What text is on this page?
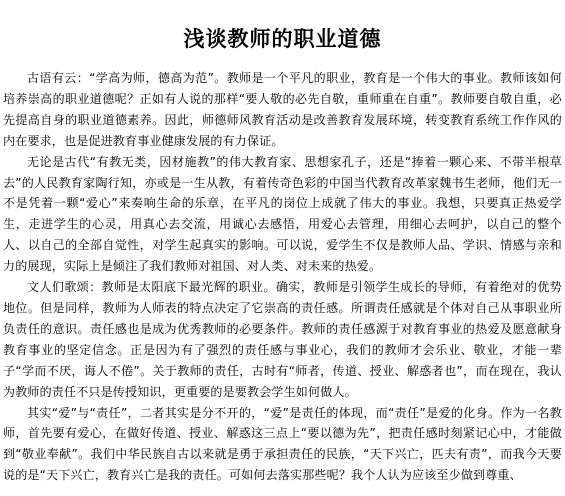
浅谈教师的职业道德

古语有云：“学高为师，德高为范”。教师是一个平凡的职业，教育是一个伟大的事业。教师该如何培养崇高的职业道德呢？正如有人说的那样“要人敬的必先自敬，重师重在自重”。教师要自敬自重，必先提高自身的职业道德素养。因此，师德师风教育活动是改善教育发展环境，转变教育系统工作作风的内在要求，也是促进教育事业健康发展的有力保证。

无论是古代“有教无类，因材施教”的伟大教育家、思想家孔子，还是“捧着一颗心来、不带半根草去”的人民教育家陶行知，亦或是一生从教，有着传奇色彩的中国当代教育改革家魏书生老师，他们无一不是凭着一颗“爱心”来奏响生命的乐章，在平凡的岗位上成就了伟大的事业。我想，只要真正热爱学生，走进学生的心灵，用真心去交流，用诚心去感悟，用爱心去管理，用细心去呵护，以自己的整个人、以自己的全部自觉性，对学生起真实的影响。可以说，爱学生不仅是教师人品、学识、情感与亲和力的展现，实际上是倾注了我们教师对祖国、对人类、对未来的热爱。

文人们歌颂：教师是太阳底下最光辉的职业。确实，教师是引领学生成长的导师，有着绝对的优势地位。但是同样，教师为人师表的特点决定了它崇高的责任感。所谓责任感就是个体对自己从事职业所负责任的意识。责任感也是成为优秀教师的必要条件。教师的责任感源于对教育事业的热爱及愿意献身教育事业的坚定信念。正是因为有了强烈的责任感与事业心，我们的教师才会乐业、敬业，才能一辈子“学而不厌，诲人不倦”。关于教师的责任，古时有“师者，传道、授业、解惑者也”，而在现在，我认为教师的责任不只是传授知识，更重要的是要教会学生如何做人。

其实“爱”与“责任”，二者其实是分不开的，“爱”是责任的体现，而“责任”是爱的化身。作为一名教师，首先要有爱心，在做好传道、授业、解惑这三点上“要以德为先”，把责任感时刻紧记心中，才能做到“敬业奉献”。我们中华民族自古以来就是勇于承担责任的民族，“天下兴亡，匹夫有责”，而我今天要说的是“天下兴亡，教育兴亡是我的责任。可如何去落实那些呢？我个人认为应该至少做到尊重、
